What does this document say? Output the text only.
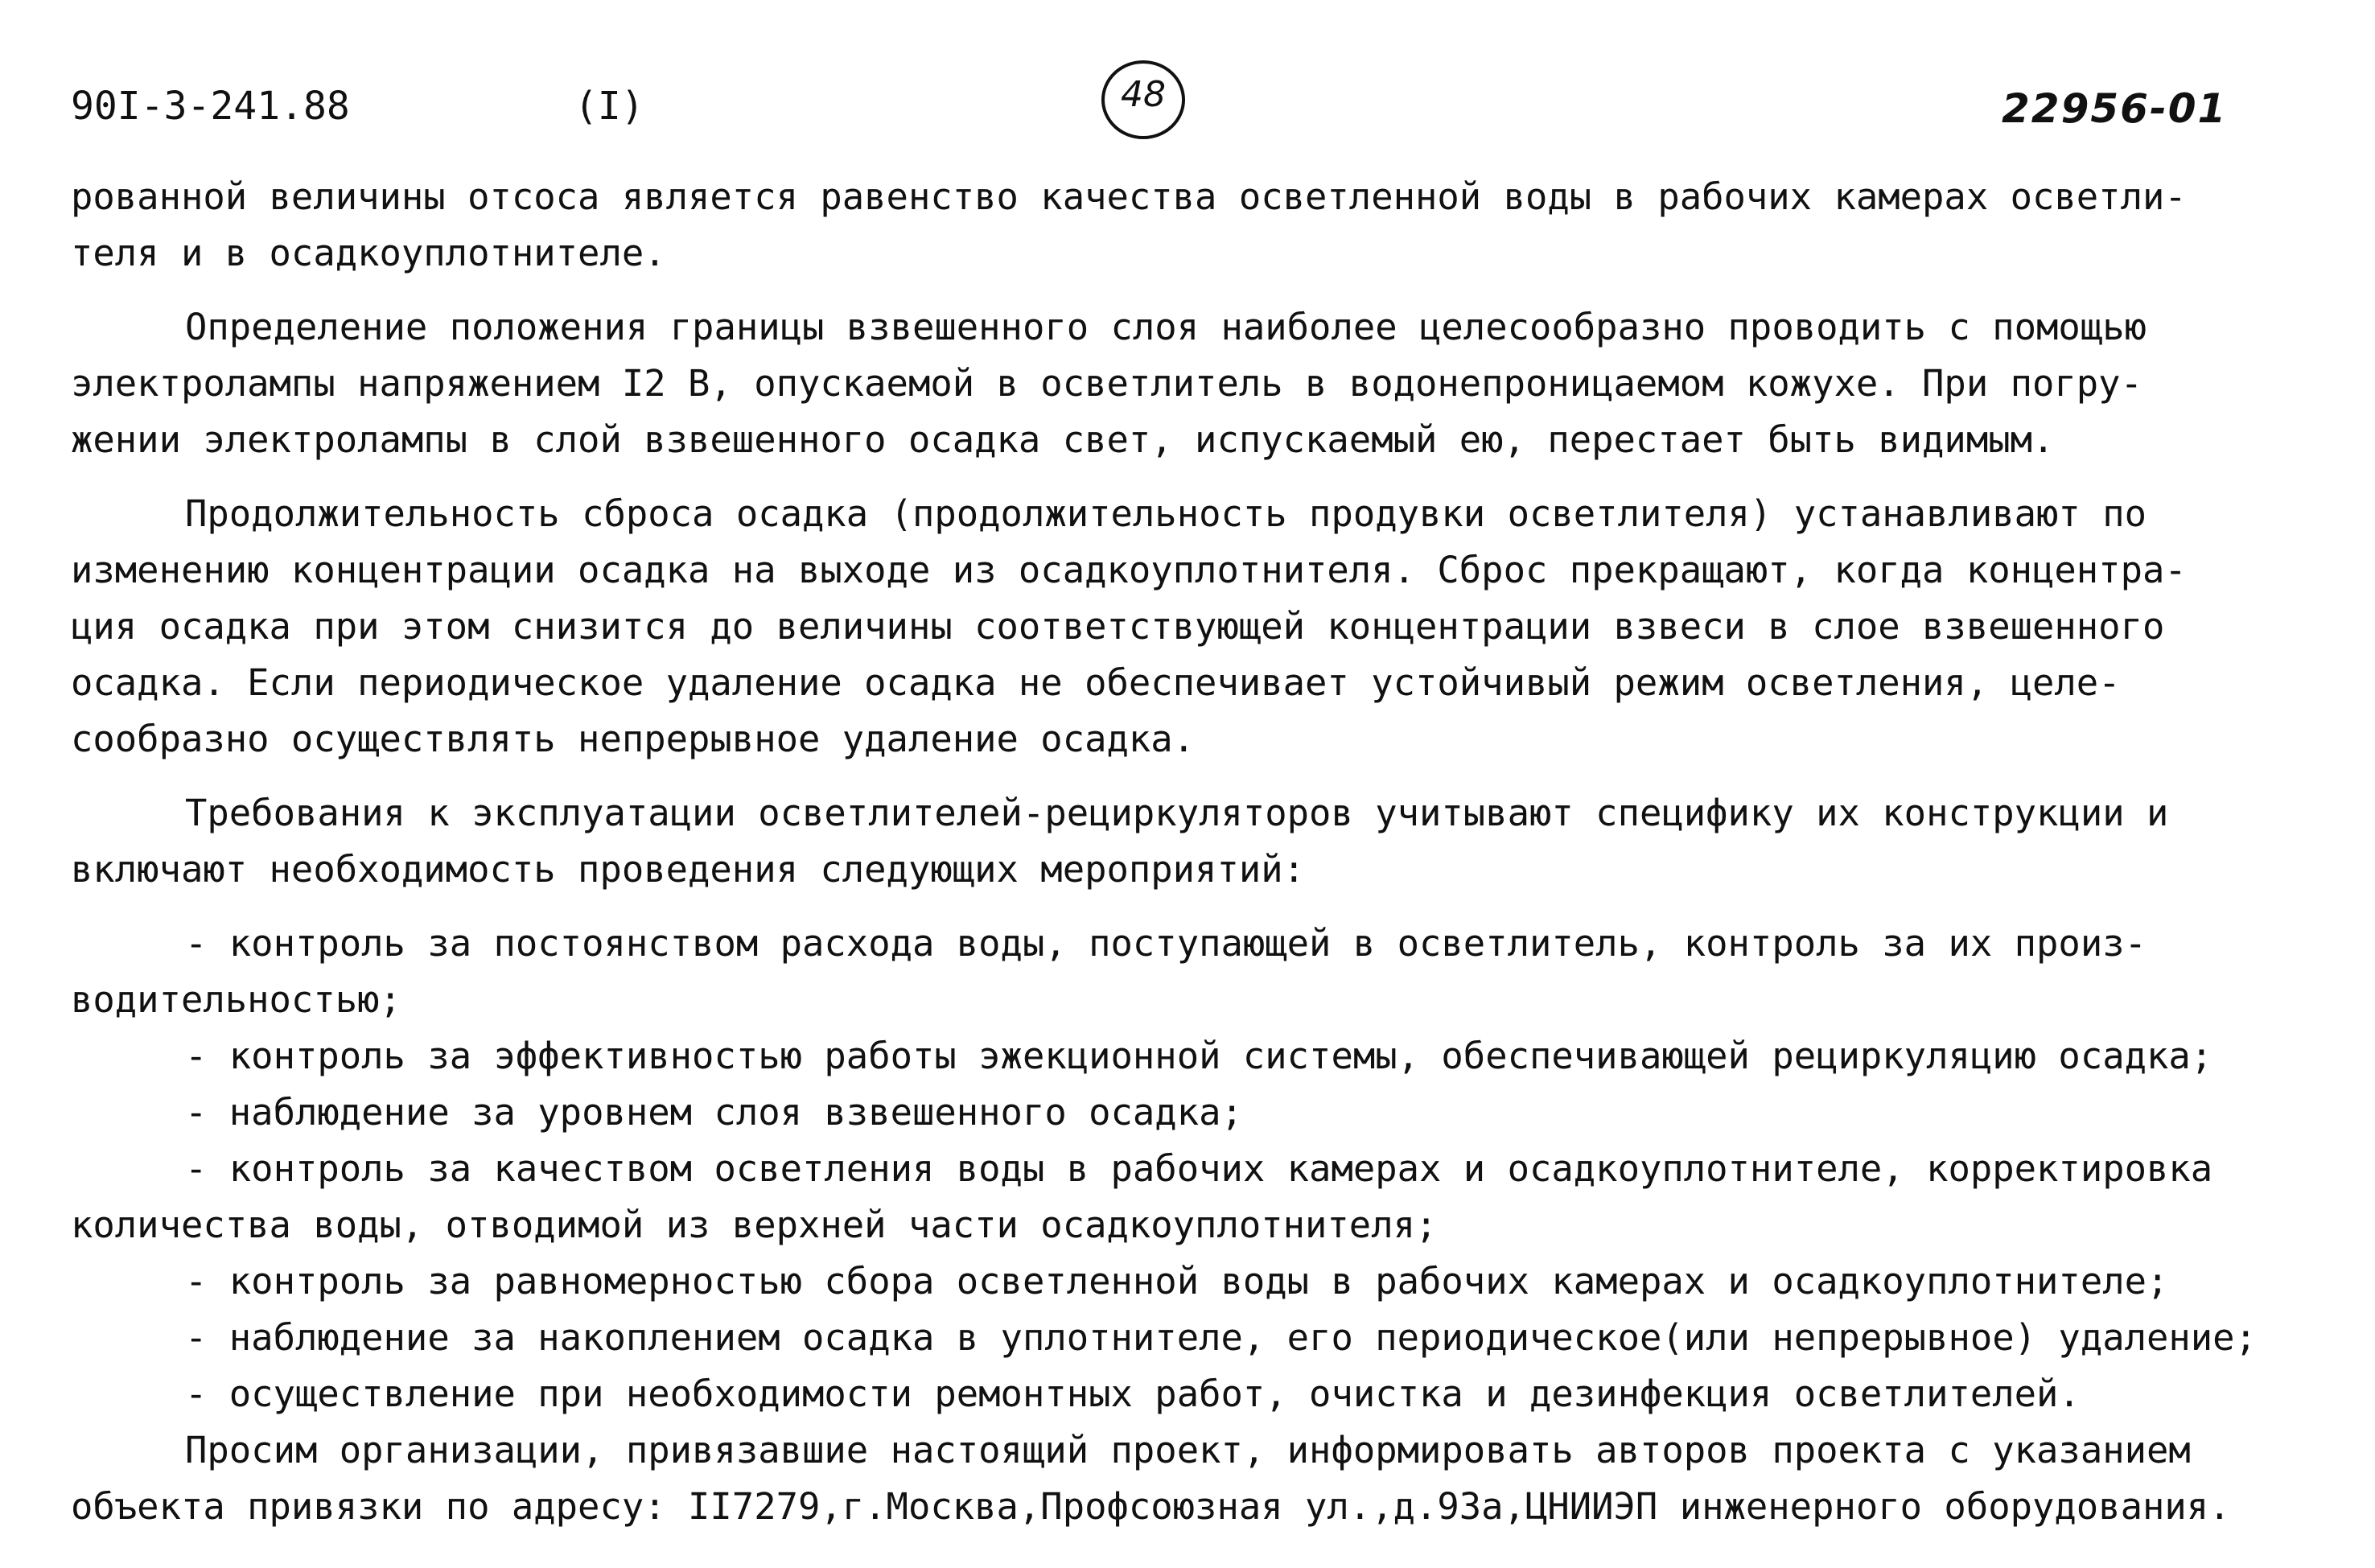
90I-3-241.88	(I)	48	22956-01
рованной величины отсоса является равенство качества осветленной воды в рабочих камерах осветли-
теля и в осадкоуплотнителе.
Определение положения границы взвешенного слоя наиболее целесообразно проводить с помощью
электролампы напряжением I2 В, опускаемой в осветлитель в водонепроницаемом кожухе. При погру-
жении электролампы в слой взвешенного осадка свет, испускаемый ею, перестает быть видимым.
Продолжительность сброса осадка (продолжительность продувки осветлителя) устанавливают по
изменению концентрации осадка на выходе из осадкоуплотнителя. Сброс прекращают, когда концентра-
ция осадка при этом снизится до величины соответствующей концентрации взвеси в слое взвешенного
осадка. Если периодическое удаление осадка не обеспечивает устойчивый режим осветления, целе-
сообразно осуществлять непрерывное удаление осадка.
Требования к эксплуатации осветлителей-рециркуляторов учитывают специфику их конструкции и
включают необходимость проведения следующих мероприятий:
- контроль за постоянством расхода воды, поступающей в осветлитель, контроль за их произ-
водительностью;
- контроль за эффективностью работы эжекционной системы, обеспечивающей рециркуляцию осадка;
- наблюдение за уровнем слоя взвешенного осадка;
- контроль за качеством осветления воды в рабочих камерах и осадкоуплотнителе, корректировка
количества воды, отводимой из верхней части осадкоуплотнителя;
- контроль за равномерностью сбора осветленной воды в рабочих камерах и осадкоуплотнителе;
- наблюдение за накоплением осадка в уплотнителе, его периодическое(или непрерывное) удаление;
- осуществление при необходимости ремонтных работ, очистка и дезинфекция осветлителей.
Просим организации, привязавшие настоящий проект, информировать авторов проекта с указанием
объекта привязки по адресу: II7279,г.Москва,Профсоюзная ул.,д.93а,ЦНИИЭП инженерного оборудования.
